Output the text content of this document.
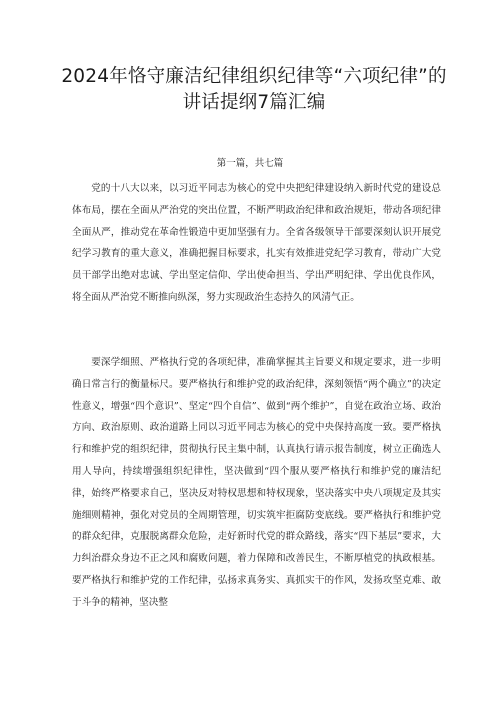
2024年恪守廉洁纪律组织纪律等“六项纪律”的讲话提纲7篇汇编
第一篇，共七篇

党的十八大以来，以习近平同志为核心的党中央把纪律建设纳入新时代党的建设总体布局，摆在全面从严治党的突出位置，不断严明政治纪律和政治规矩，带动各项纪律全面从严，推动党在革命性锻造中更加坚强有力。全省各级领导干部要深刻认识开展党纪学习教育的重大意义，准确把握目标要求，扎实有效推进党纪学习教育，带动广大党员干部学出绝对忠诚、学出坚定信仰、学出使命担当、学出严明纪律、学出优良作风，将全面从严治党不断推向纵深，努力实现政治生态持久的风清气正。

要深学细照、严格执行党的各项纪律，准确掌握其主旨要义和规定要求，进一步明确日常言行的衡量标尺。要严格执行和维护党的政治纪律，深刻领悟“两个确立”的决定性意义，增强“四个意识”、坚定“四个自信”、做到“两个维护”，自觉在政治立场、政治方向、政治原则、政治道路上同以习近平同志为核心的党中央保持高度一致。要严格执行和维护党的组织纪律，贯彻执行民主集中制，认真执行请示报告制度，树立正确选人用人导向，持续增强组织纪律性，坚决做到“四个服从要严格执行和维护党的廉洁纪律，始终严格要求自己，坚决反对特权思想和特权现象，坚决落实中央八项规定及其实施细则精神，强化对党员的全周期管理，切实筑牢拒腐防变底线。要严格执行和维护党的群众纪律，克服脱离群众危险，走好新时代党的群众路线，落实“四下基层”要求，大力纠治群众身边不正之风和腐败问题，着力保障和改善民生，不断厚植党的执政根基。要严格执行和维护党的工作纪律，弘扬求真务实、真抓实干的作风，发扬攻坚克难、敢于斗争的精神，坚决整
